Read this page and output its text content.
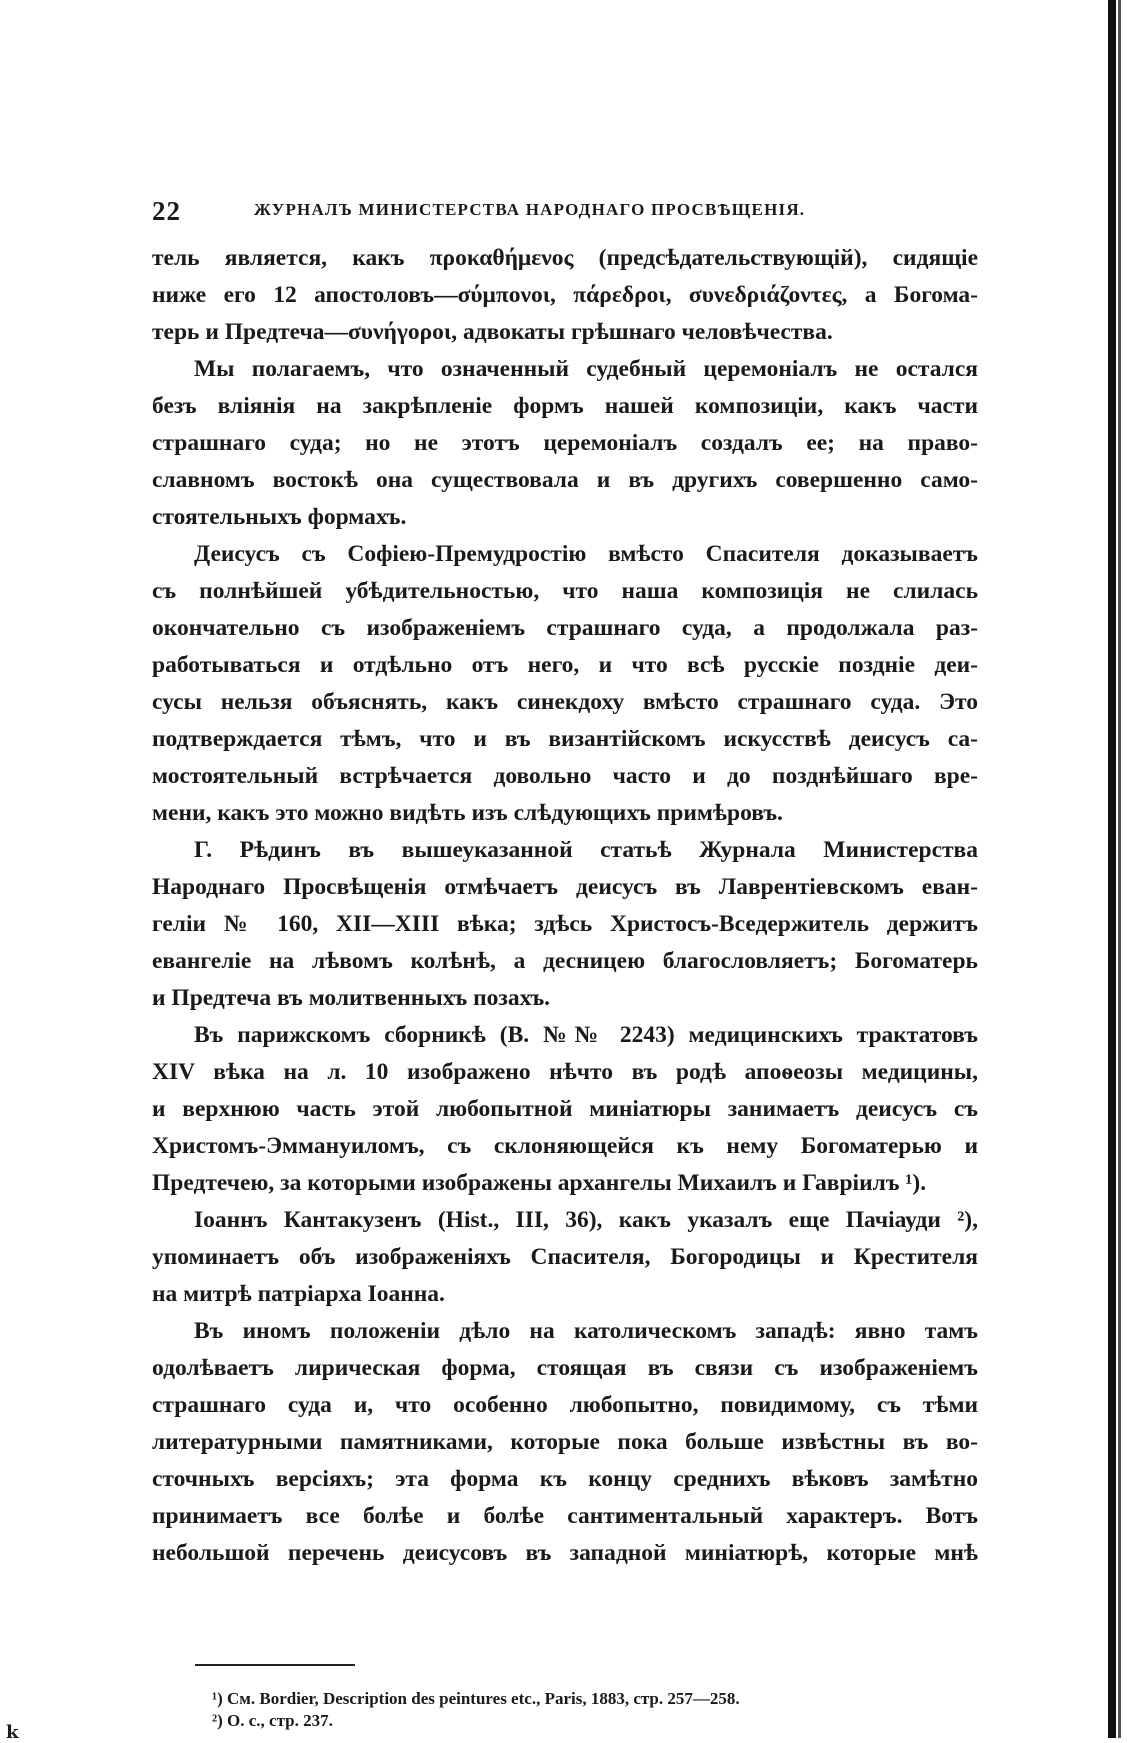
22	ЖУРНАЛЪ МИНИСТЕРСТВА НАРОДНАГО ПРОСВѢЩЕНІЯ.
тель является, какъ προκαθήμενος (предсѣдательствующій), сидящіе
ниже его 12 апостоловъ—σύμπονοι, πάρεδροι, συνεδριάζοντες, а Богома-
терь и Предтеча—συνήγοροι, адвокаты грѣшнаго человѣчества.
Мы полагаемъ, что означенный судебный церемоніалъ не остался
безъ вліянія на закрѣпленіе формъ нашей композиціи, какъ части
страшнаго суда; но не этотъ церемоніалъ создалъ ее; на право-
славномъ востокѣ она существовала и въ другихъ совершенно само-
стоятельныхъ формахъ.
Деисусъ съ Софіею-Премудростію вмѣсто Спасителя доказываетъ
съ полнѣйшей убѣдительностью, что наша композиція не слилась
окончательно съ изображеніемъ страшнаго суда, а продолжала раз-
работываться и отдѣльно отъ него, и что всѣ русскіе поздніе деи-
сусы нельзя объяснять, какъ синекдоху вмѣсто страшнаго суда. Это
подтверждается тѣмъ, что и въ византійскомъ искусствѣ деисусъ са-
мостоятельный встрѣчается довольно часто и до позднѣйшаго вре-
мени, какъ это можно видѣть изъ слѣдующихъ примѣровъ.
Г. Рѣдинъ въ вышеуказанной статьѣ Журнала Министерства
Народнаго Просвѣщенія отмѣчаетъ деисусъ въ Лаврентіевскомъ еван-
геліи № 160, XII—XIII вѣка; здѣсь Христосъ-Вседержитель держитъ
евангеліе на лѣвомъ колѣнѣ, а десницею благословляетъ; Богоматерь
и Предтеча въ молитвенныхъ позахъ.
Въ парижскомъ сборникѣ (В. №№ 2243) медицинскихъ трактатовъ
XIV вѣка на л. 10 изображено нѣчто въ родѣ апоѳеозы медицины,
и верхнюю часть этой любопытной миніатюры занимаетъ деисусъ съ
Христомъ-Эммануиломъ, съ склоняющейся къ нему Богоматерью и
Предтечею, за которыми изображены архангелы Михаилъ и Гавріилъ ¹).
Іоаннъ Кантакузенъ (Hist., III, 36), какъ указалъ еще Пачіауди ²),
упоминаетъ объ изображеніяхъ Спасителя, Богородицы и Крестителя
на митрѣ патріарха Іоанна.
Въ иномъ положеніи дѣло на католическомъ западѣ: явно тамъ
одолѣваетъ лирическая форма, стоящая въ связи съ изображеніемъ
страшнаго суда и, что особенно любопытно, повидимому, съ тѣми
литературными памятниками, которые пока больше извѣстны въ во-
сточныхъ версіяхъ; эта форма къ концу среднихъ вѣковъ замѣтно
принимаетъ все болѣе и болѣе сантиментальный характеръ. Вотъ
небольшой перечень деисусовъ въ западной миніатюрѣ, которые мнѣ
¹) См. Bordier, Description des peintures etc., Paris, 1883, стр. 257—258.
²) О. с., стр. 237.
k
